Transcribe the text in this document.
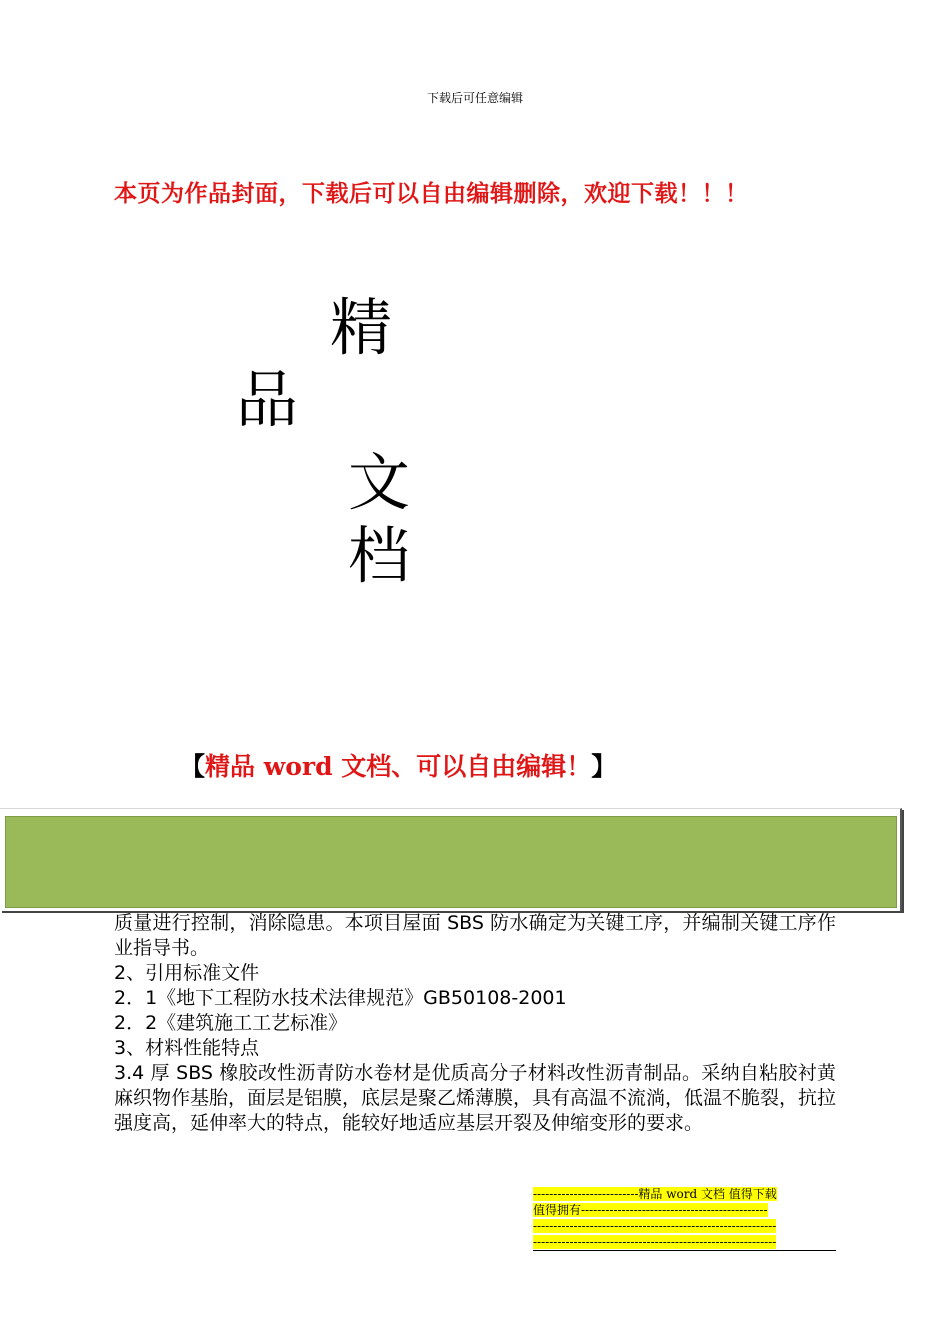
下载后可任意编辑
本页为作品封面，下载后可以自由编辑删除，欢迎下载！！！
精
品
文
档
【精品 word 文档、可以自由编辑！】

质量进行控制，消除隐患。本项目屋面 SBS 防水确定为关键工序，并编制关键工序作业指导书。

2、引用标准文件

2．1《地下工程防水技术法律规范》GB50108-2001

2．2《建筑施工工艺标准》

3、材料性能特点

3.4 厚 SBS 橡胶改性沥青防水卷材是优质高分子材料改性沥青制品。采纳自粘胶衬黄麻织物作基胎，面层是铝膜，底层是聚乙烯薄膜，具有高温不流淌，低温不脆裂，抗拉强度高，延伸率大的特点，能较好地适应基层开裂及伸缩变形的要求。

--------------------------精品 word 文档 值得下载
值得拥有----------------------------------------------
------------------------------------------------------------
------------------------------------------------------------
